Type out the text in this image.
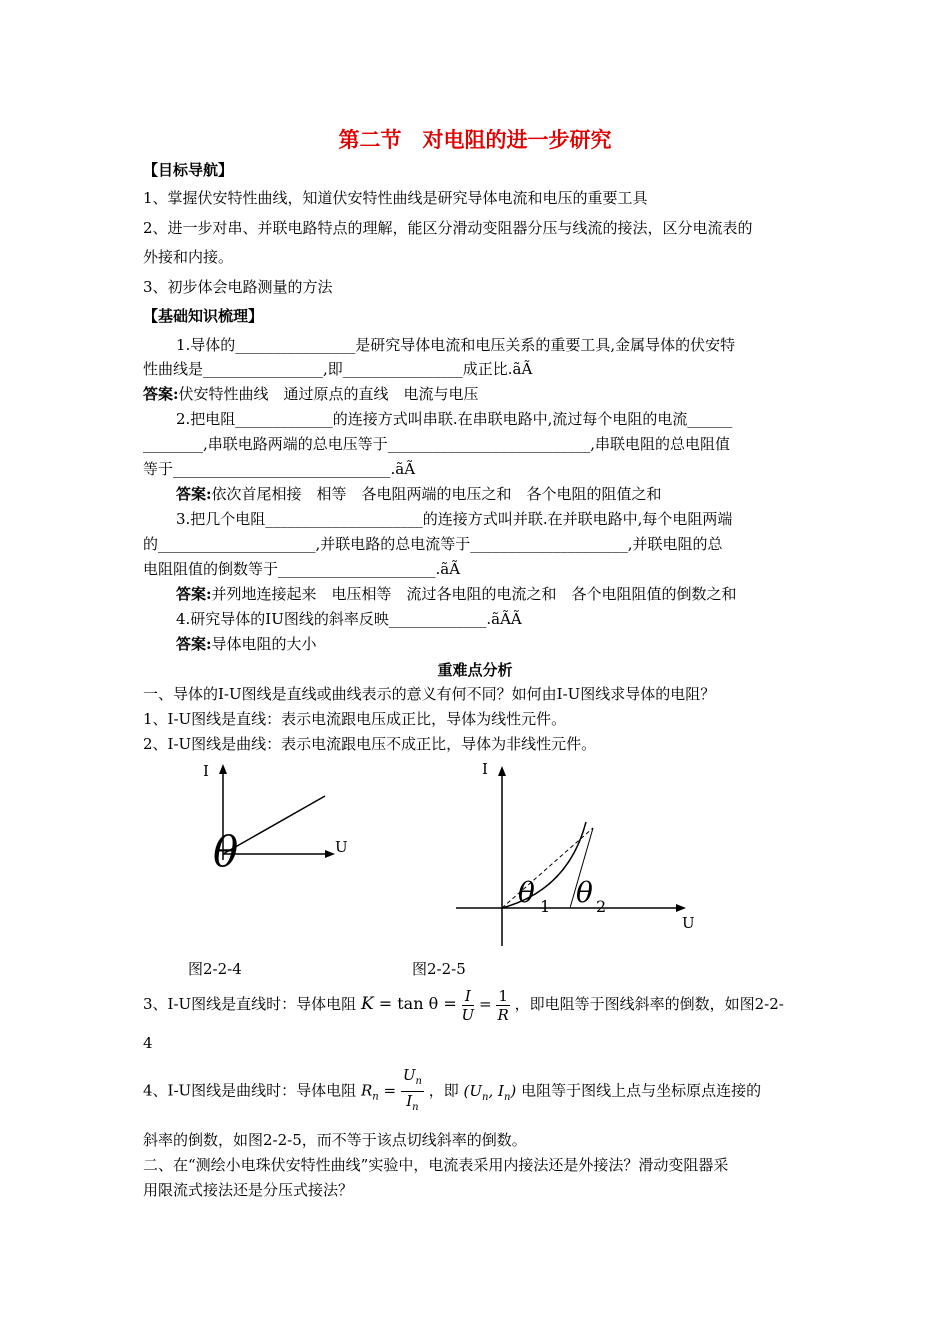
第二节　对电阻的进一步研究
【目标导航】
1、掌握伏安特性曲线，知道伏安特性曲线是研究导体电流和电压的重要工具
2、进一步对串、并联电路特点的理解，能区分滑动变阻器分压与线流的接法，区分电流表的
外接和内接。
3、初步体会电路测量的方法
【基础知识梳理】
1.导体的________________是研究导体电流和电压关系的重要工具,金属导体的伏安特
性曲线是________________,即________________成正比.ãÃ
答案:伏安特性曲线　通过原点的直线　电流与电压
2.把电阻_____________的连接方式叫串联.在串联电路中,流过每个电阻的电流______
________,串联电路两端的总电压等于___________________________,串联电阻的总电阻值
等于_____________________________.ãÃ
答案:依次首尾相接　相等　各电阻两端的电压之和　各个电阻的阻值之和
3.把几个电阻_____________________的连接方式叫并联.在并联电路中,每个电阻两端
的_____________________,并联电路的总电流等于_____________________,并联电阻的总
电阻阻值的倒数等于_____________________.ãÃ
答案:并列地连接起来　电压相等　流过各电阻的电流之和　各个电阻阻值的倒数之和
4.研究导体的IU图线的斜率反映_____________.ãÃÃ
答案:导体电阻的大小
重难点分析
一、导体的I-U图线是直线或曲线表示的意义有何不同？如何由I-U图线求导体的电阻？
1、I-U图线是直线：表示电流跟电压成正比，导体为线性元件。
2、I-U图线是曲线：表示电流跟电压不成正比，导体为非线性元件。
I
U
θ
I
U
θ 1 θ 2
图2-2-4	图2-2-5
3、I-U图线是直线时：导体电阻 $K = \tan \theta = \frac{I}{U} = \frac{1}{R}$ ，即电阻等于图线斜率的倒数，如图2-2-
4
4、I-U图线是曲线时：导体电阻 $R_n = \frac{U_n}{I_n}$ ，即 ($U_n$, $I_n$) 电阻等于图线上点与坐标原点连接的
斜率的倒数，如图2-2-5，而不等于该点切线斜率的倒数。
二、在“测绘小电珠伏安特性曲线”实验中，电流表采用内接法还是外接法？滑动变阻器采
用限流式接法还是分压式接法？
